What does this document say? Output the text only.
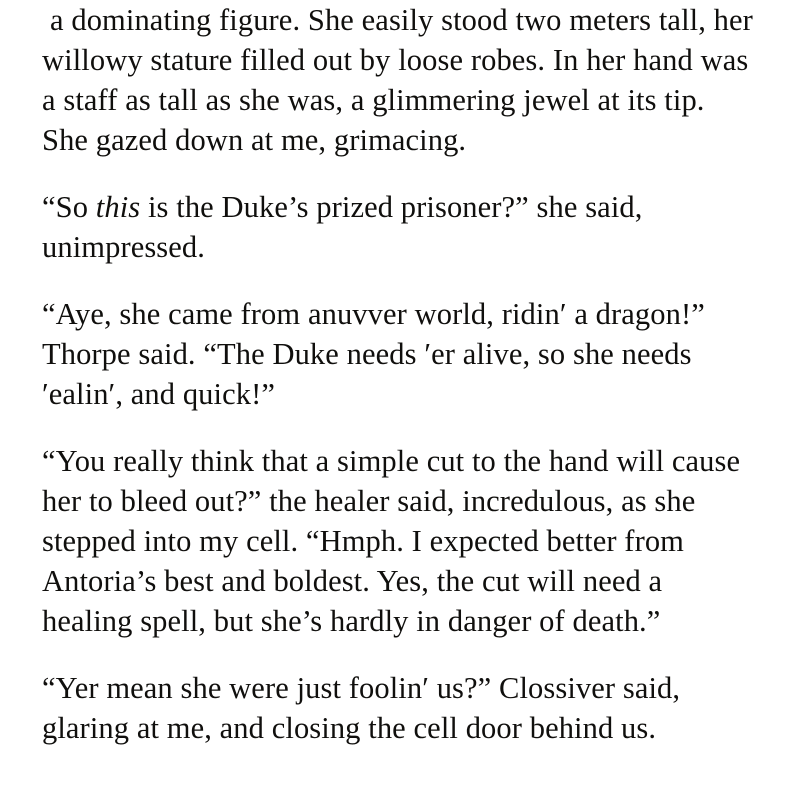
a dominating figure. She easily stood two meters tall, her willowy stature filled out by loose robes. In her hand was a staff as tall as she was, a glimmering jewel at its tip. She gazed down at me, grimacing.
“So this is the Duke’s prized prisoner?” she said, unimpressed.
“Aye, she came from anuvver world, ridin′ a dragon!” Thorpe said. “The Duke needs ′er alive, so she needs ′ealin′, and quick!”
“You really think that a simple cut to the hand will cause her to bleed out?” the healer said, incredulous, as she stepped into my cell. “Hmph. I expected better from Antoria’s best and boldest. Yes, the cut will need a healing spell, but she’s hardly in danger of death.”
“Yer mean she were just foolin′ us?” Clossiver said, glaring at me, and closing the cell door behind us.
